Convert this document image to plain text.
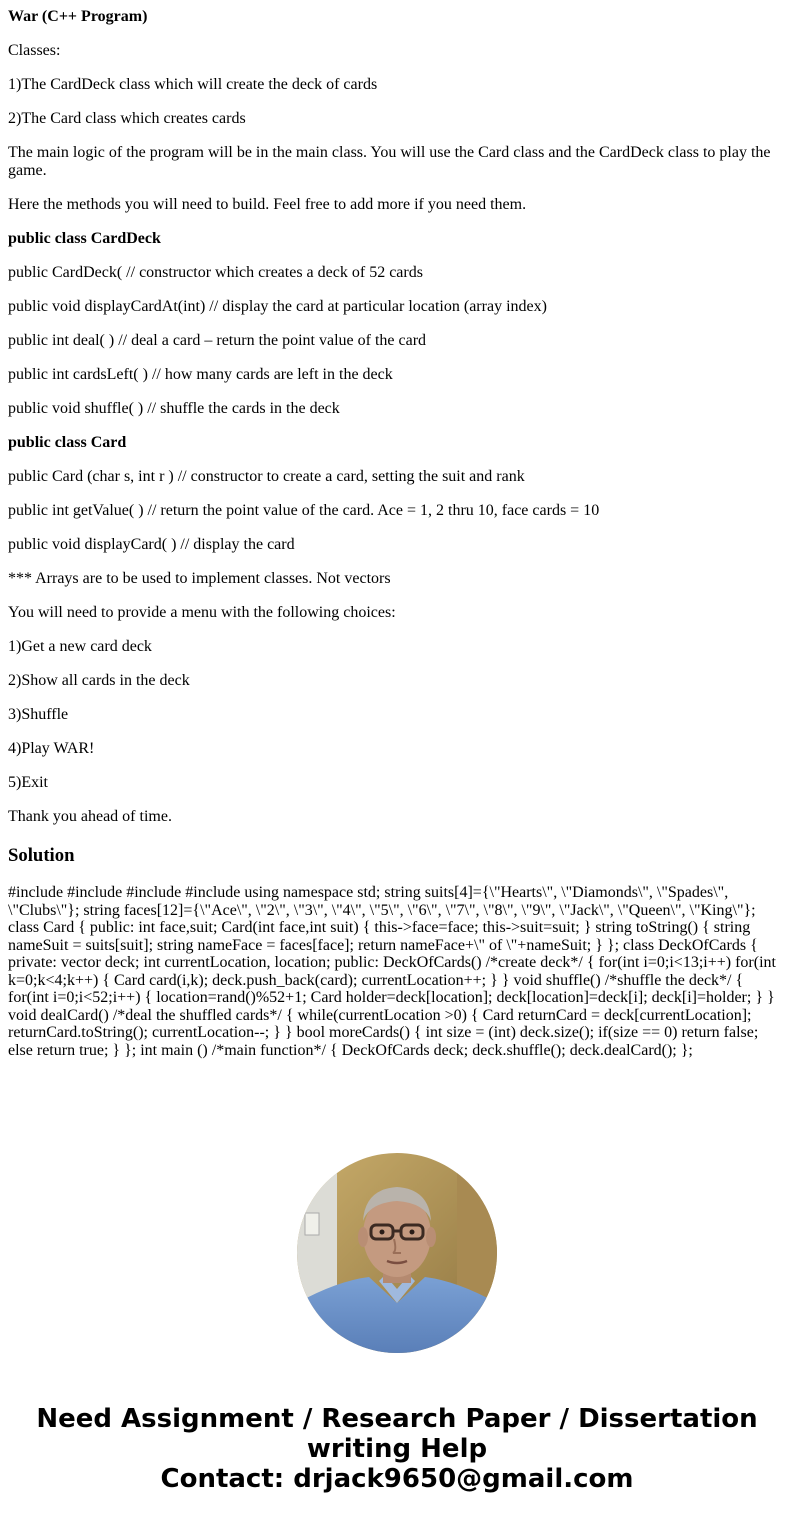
War (C++ Program)

Classes:

1)The CardDeck class which will create the deck of cards

2)The Card class which creates cards

The main logic of the program will be in the main class. You will use the Card class and the CardDeck class to play the game.

Here the methods you will need to build. Feel free to add more if you need them.

public class CardDeck

public CardDeck( // constructor which creates a deck of 52 cards

public void displayCardAt(int) // display the card at particular location (array index)

public int deal( ) // deal a card – return the point value of the card

public int cardsLeft( ) // how many cards are left in the deck

public void shuffle( ) // shuffle the cards in the deck

public class Card

public Card (char s, int r ) // constructor to create a card, setting the suit and rank

public int getValue( ) // return the point value of the card. Ace = 1, 2 thru 10, face cards = 10

public void displayCard( ) // display the card

*** Arrays are to be used to implement classes. Not vectors

You will need to provide a menu with the following choices:

1)Get a new card deck

2)Show all cards in the deck

3)Shuffle

4)Play WAR!

5)Exit

Thank you ahead of time.

Solution

#include #include #include #include using namespace std; string suits[4]={\"Hearts\", \"Diamonds\", \"Spades\", \"Clubs\"}; string faces[12]={\"Ace\", \"2\", \"3\", \"4\", \"5\", \"6\", \"7\", \"8\", \"9\", \"Jack\", \"Queen\", \"King\"}; class Card { public: int face,suit; Card(int face,int suit) { this->face=face; this->suit=suit; } string toString() { string nameSuit = suits[suit]; string nameFace = faces[face]; return nameFace+\" of \"+nameSuit; } }; class DeckOfCards { private: vector deck; int currentLocation, location; public: DeckOfCards() /*create deck*/ { for(int i=0;i<13;i++) for(int k=0;k<4;k++) { Card card(i,k); deck.push_back(card); currentLocation++; } } void shuffle() /*shuffle the deck*/ { for(int i=0;i<52;i++) { location=rand()%52+1; Card holder=deck[location]; deck[location]=deck[i]; deck[i]=holder; } } void dealCard() /*deal the shuffled cards*/ { while(currentLocation >0) { Card returnCard = deck[currentLocation]; returnCard.toString(); currentLocation--; } } bool moreCards() { int size = (int) deck.size(); if(size == 0) return false; else return true; } }; int main () /*main function*/ { DeckOfCards deck; deck.shuffle(); deck.dealCard(); };

Need Assignment / Research Paper / Dissertation
writing Help
Contact: drjack9650@gmail.com
